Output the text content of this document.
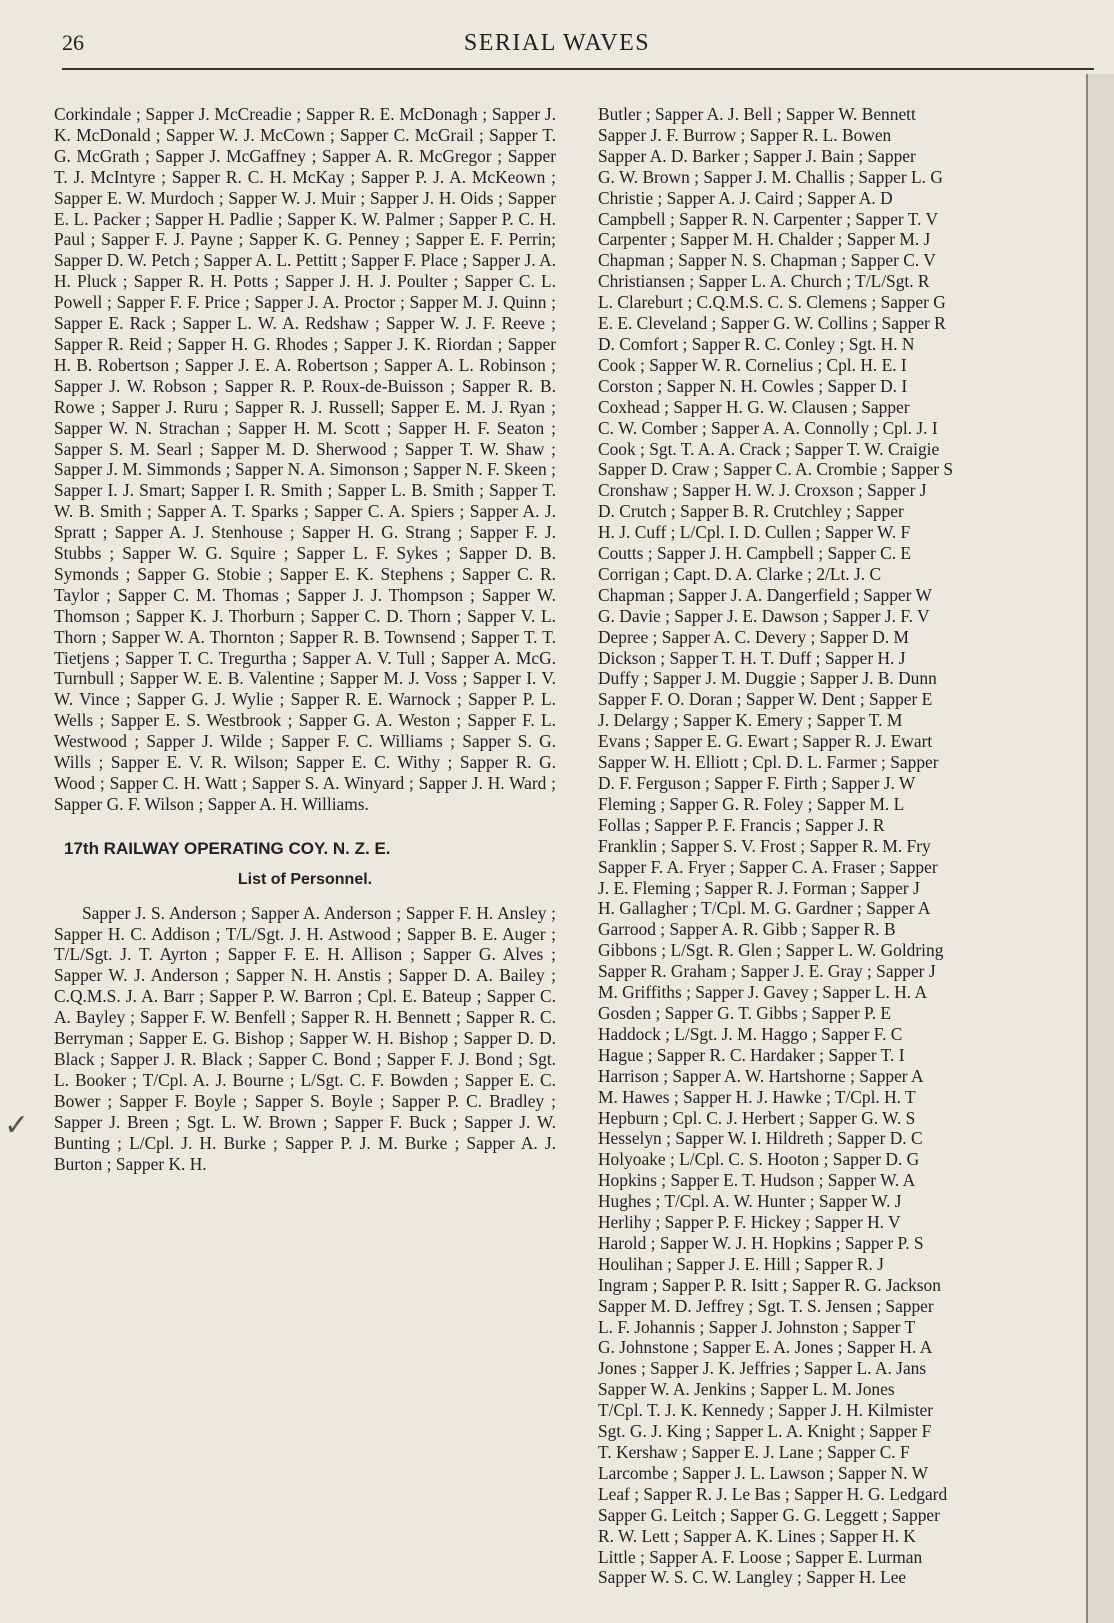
26	SERIAL WAVES
Corkindale ; Sapper J. McCreadie ; Sapper R. E. McDonagh ; Sapper J. K. McDonald ; Sapper W. J. McCown ; Sapper C. McGrail ; Sapper T. G. McGrath ; Sapper J. McGaffney ; Sapper A. R. McGregor ; Sapper T. J. McIntyre ; Sapper R. C. H. McKay ; Sapper P. J. A. McKeown ; Sapper E. W. Murdoch ; Sapper W. J. Muir ; Sapper J. H. Oids ; Sapper E. L. Packer ; Sapper H. Padlie ; Sapper K. W. Palmer ; Sapper P. C. H. Paul ; Sapper F. J. Payne ; Sapper K. G. Penney ; Sapper E. F. Perrin; Sapper D. W. Petch ; Sapper A. L. Pettitt ; Sapper F. Place ; Sapper J. A. H. Pluck ; Sapper R. H. Potts ; Sapper J. H. J. Poulter ; Sapper C. L. Powell ; Sapper F. F. Price ; Sapper J. A. Proctor ; Sapper M. J. Quinn ; Sapper E. Rack ; Sapper L. W. A. Redshaw ; Sapper W. J. F. Reeve ; Sapper R. Reid ; Sapper H. G. Rhodes ; Sapper J. K. Riordan ; Sapper H. B. Robertson ; Sapper J. E. A. Robertson ; Sapper A. L. Robinson ; Sapper J. W. Robson ; Sapper R. P. Roux-de-Buisson ; Sapper R. B. Rowe ; Sapper J. Ruru ; Sapper R. J. Russell; Sapper E. M. J. Ryan ; Sapper W. N. Strachan ; Sapper H. M. Scott ; Sapper H. F. Seaton ; Sapper S. M. Searl ; Sapper M. D. Sherwood ; Sapper T. W. Shaw ; Sapper J. M. Simmonds ; Sapper N. A. Simonson ; Sapper N. F. Skeen ; Sapper I. J. Smart; Sapper I. R. Smith ; Sapper L. B. Smith ; Sapper T. W. B. Smith ; Sapper A. T. Sparks ; Sapper C. A. Spiers ; Sapper A. J. Spratt ; Sapper A. J. Stenhouse ; Sapper H. G. Strang ; Sapper F. J. Stubbs ; Sapper W. G. Squire ; Sapper L. F. Sykes ; Sapper D. B. Symonds ; Sapper G. Stobie ; Sapper E. K. Stephens ; Sapper C. R. Taylor ; Sapper C. M. Thomas ; Sapper J. J. Thompson ; Sapper W. Thomson ; Sapper K. J. Thorburn ; Sapper C. D. Thorn ; Sapper V. L. Thorn ; Sapper W. A. Thornton ; Sapper R. B. Townsend ; Sapper T. T. Tietjens ; Sapper T. C. Tregurtha ; Sapper A. V. Tull ; Sapper A. McG. Turnbull ; Sapper W. E. B. Valentine ; Sapper M. J. Voss ; Sapper I. V. W. Vince ; Sapper G. J. Wylie ; Sapper R. E. Warnock ; Sapper P. L. Wells ; Sapper E. S. Westbrook ; Sapper G. A. Weston ; Sapper F. L. Westwood ; Sapper J. Wilde ; Sapper F. C. Williams ; Sapper S. G. Wills ; Sapper E. V. R. Wilson; Sapper E. C. Withy ; Sapper R. G. Wood ; Sapper C. H. Watt ; Sapper S. A. Winyard ; Sapper J. H. Ward ; Sapper G. F. Wilson ; Sapper A. H. Williams.
17th RAILWAY OPERATING COY. N. Z. E.
List of Personnel.
Sapper J. S. Anderson ; Sapper A. Anderson ; Sapper F. H. Ansley ; Sapper H. C. Addison ; T/L/Sgt. J. H. Astwood ; Sapper B. E. Auger ; T/L/Sgt. J. T. Ayrton ; Sapper F. E. H. Allison ; Sapper G. Alves ; Sapper W. J. Anderson ; Sapper N. H. Anstis ; Sapper D. A. Bailey ; C.Q.M.S. J. A. Barr ; Sapper P. W. Barron ; Cpl. E. Bateup ; Sapper C. A. Bayley ; Sapper F. W. Benfell ; Sapper R. H. Bennett ; Sapper R. C. Berryman ; Sapper E. G. Bishop ; Sapper W. H. Bishop ; Sapper D. D. Black ; Sapper J. R. Black ; Sapper C. Bond ; Sapper F. J. Bond ; Sgt. L. Booker ; T/Cpl. A. J. Bourne ; L/Sgt. C. F. Bowden ; Sapper E. C. Bower ; Sapper F. Boyle ; Sapper S. Boyle ; Sapper P. C. Bradley ; Sapper J. Breen ; Sgt. L. W. Brown ; Sapper F. Buck ; Sapper J. W. Bunting ; L/Cpl. J. H. Burke ; Sapper P. J. M. Burke ; Sapper A. J. Burton ; Sapper K. H.
Butler ; Sapper A. J. Bell ; Sapper W. Bennett
Sapper J. F. Burrow ; Sapper R. L. Bowen
Sapper A. D. Barker ; Sapper J. Bain ; Sapper
G. W. Brown ; Sapper J. M. Challis ; Sapper L. G
Christie ; Sapper A. J. Caird ; Sapper A. D
Campbell ; Sapper R. N. Carpenter ; Sapper T. V
Carpenter ; Sapper M. H. Chalder ; Sapper M. J
Chapman ; Sapper N. S. Chapman ; Sapper C. V
Christiansen ; Sapper L. A. Church ; T/L/Sgt. R
L. Clareburt ; C.Q.M.S. C. S. Clemens ; Sapper G
E. E. Cleveland ; Sapper G. W. Collins ; Sapper R
D. Comfort ; Sapper R. C. Conley ; Sgt. H. N
Cook ; Sapper W. R. Cornelius ; Cpl. H. E. I
Corston ; Sapper N. H. Cowles ; Sapper D. I
Coxhead ; Sapper H. G. W. Clausen ; Sapper
C. W. Comber ; Sapper A. A. Connolly ; Cpl. J. I
Cook ; Sgt. T. A. A. Crack ; Sapper T. W. Craigie
Sapper D. Craw ; Sapper C. A. Crombie ; Sapper S
Cronshaw ; Sapper H. W. J. Croxson ; Sapper J
D. Crutch ; Sapper B. R. Crutchley ; Sapper
H. J. Cuff ; L/Cpl. I. D. Cullen ; Sapper W. F
Coutts ; Sapper J. H. Campbell ; Sapper C. E
Corrigan ; Capt. D. A. Clarke ; 2/Lt. J. C
Chapman ; Sapper J. A. Dangerfield ; Sapper W
G. Davie ; Sapper J. E. Dawson ; Sapper J. F. V
Depree ; Sapper A. C. Devery ; Sapper D. M
Dickson ; Sapper T. H. T. Duff ; Sapper H. J
Duffy ; Sapper J. M. Duggie ; Sapper J. B. Dunn
Sapper F. O. Doran ; Sapper W. Dent ; Sapper E
J. Delargy ; Sapper K. Emery ; Sapper T. M
Evans ; Sapper E. G. Ewart ; Sapper R. J. Ewart
Sapper W. H. Elliott ; Cpl. D. L. Farmer ; Sapper
D. F. Ferguson ; Sapper F. Firth ; Sapper J. W
Fleming ; Sapper G. R. Foley ; Sapper M. L
Follas ; Sapper P. F. Francis ; Sapper J. R
Franklin ; Sapper S. V. Frost ; Sapper R. M. Fry
Sapper F. A. Fryer ; Sapper C. A. Fraser ; Sapper
J. E. Fleming ; Sapper R. J. Forman ; Sapper J
H. Gallagher ; T/Cpl. M. G. Gardner ; Sapper A
Garrood ; Sapper A. R. Gibb ; Sapper R. B
Gibbons ; L/Sgt. R. Glen ; Sapper L. W. Goldring
Sapper R. Graham ; Sapper J. E. Gray ; Sapper J
M. Griffiths ; Sapper J. Gavey ; Sapper L. H. A
Gosden ; Sapper G. T. Gibbs ; Sapper P. E
Haddock ; L/Sgt. J. M. Haggo ; Sapper F. C
Hague ; Sapper R. C. Hardaker ; Sapper T. I
Harrison ; Sapper A. W. Hartshorne ; Sapper A
M. Hawes ; Sapper H. J. Hawke ; T/Cpl. H. T
Hepburn ; Cpl. C. J. Herbert ; Sapper G. W. S
Hesselyn ; Sapper W. I. Hildreth ; Sapper D. C
Holyoake ; L/Cpl. C. S. Hooton ; Sapper D. G
Hopkins ; Sapper E. T. Hudson ; Sapper W. A
Hughes ; T/Cpl. A. W. Hunter ; Sapper W. J
Herlihy ; Sapper P. F. Hickey ; Sapper H. V
Harold ; Sapper W. J. H. Hopkins ; Sapper P. S
Houlihan ; Sapper J. E. Hill ; Sapper R. J
Ingram ; Sapper P. R. Isitt ; Sapper R. G. Jackson
Sapper M. D. Jeffrey ; Sgt. T. S. Jensen ; Sapper
L. F. Johannis ; Sapper J. Johnston ; Sapper T
G. Johnstone ; Sapper E. A. Jones ; Sapper H. A
Jones ; Sapper J. K. Jeffries ; Sapper L. A. Jans
Sapper W. A. Jenkins ; Sapper L. M. Jones
T/Cpl. T. J. K. Kennedy ; Sapper J. H. Kilmister
Sgt. G. J. King ; Sapper L. A. Knight ; Sapper F
T. Kershaw ; Sapper E. J. Lane ; Sapper C. F
Larcombe ; Sapper J. L. Lawson ; Sapper N. W
Leaf ; Sapper R. J. Le Bas ; Sapper H. G. Ledgard
Sapper G. Leitch ; Sapper G. G. Leggett ; Sapper
R. W. Lett ; Sapper A. K. Lines ; Sapper H. K
Little ; Sapper A. F. Loose ; Sapper E. Lurman
Sapper W. S. C. W. Langley ; Sapper H. Lee
✓
